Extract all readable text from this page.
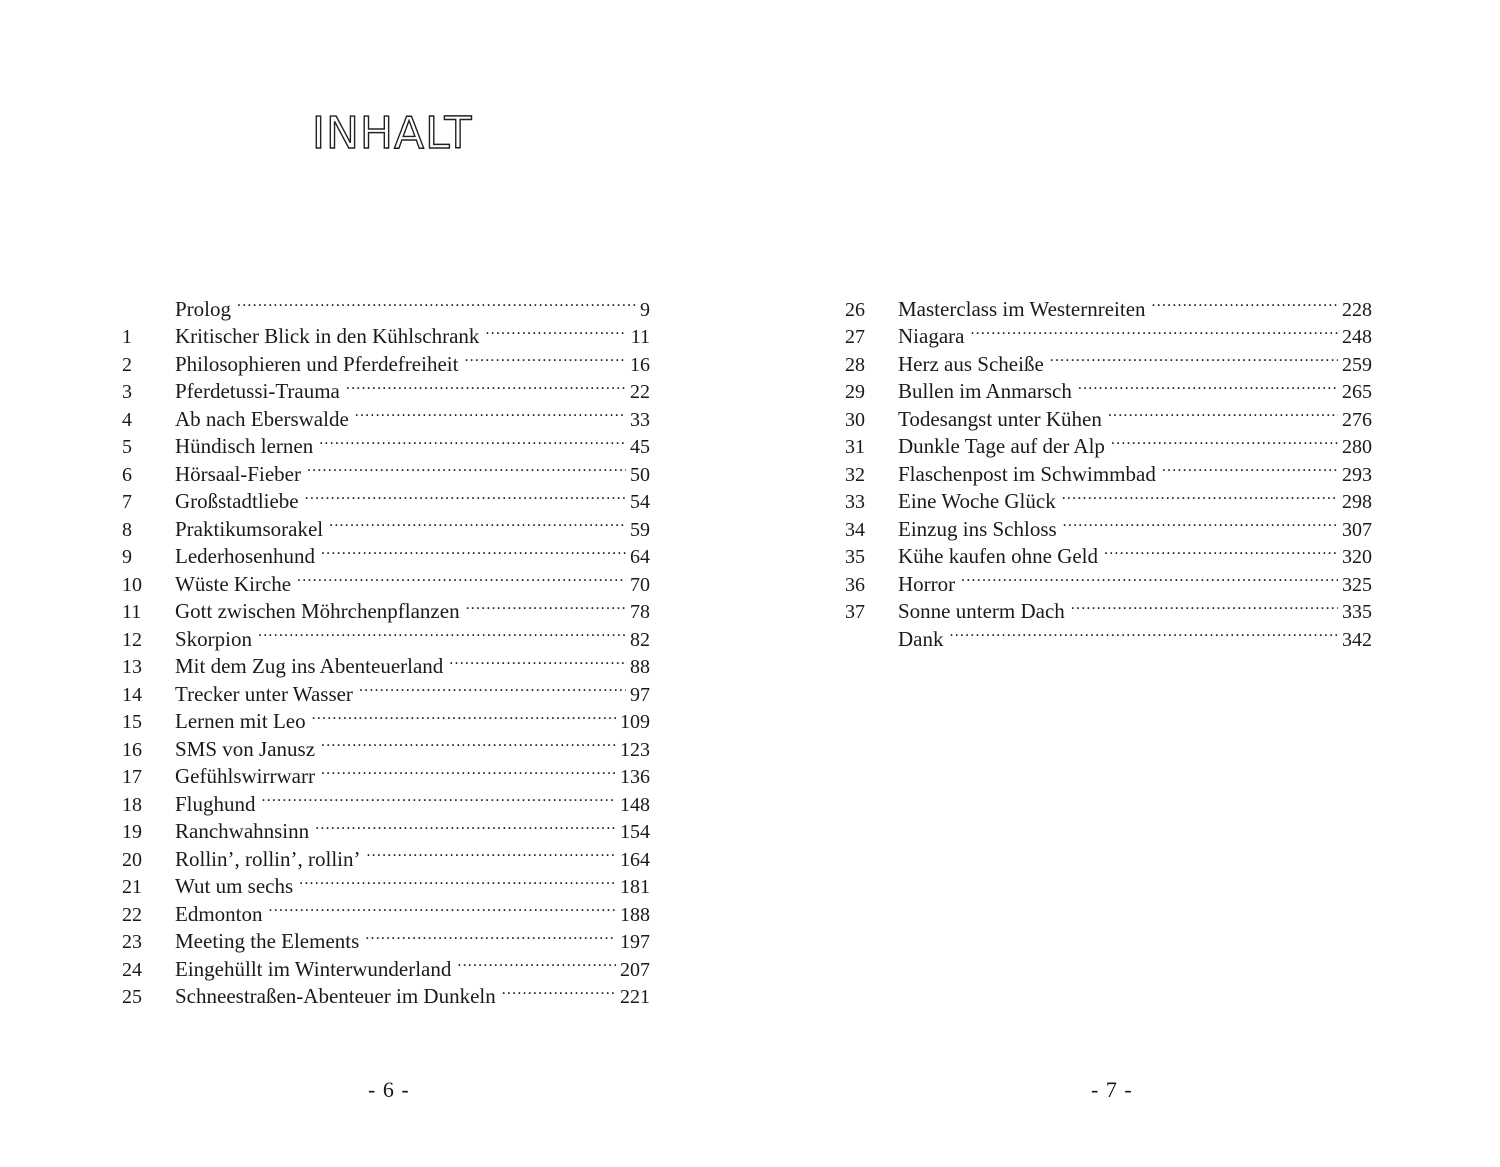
INHALT
Prolog .....	9
1	Kritischer Blick in den Kühlschrank .....	11
2	Philosophieren und Pferdefreiheit .....	16
3	Pferdetussi-Trauma .....	22
4	Ab nach Eberswalde .....	33
5	Hündisch lernen .....	45
6	Hörsaal-Fieber .....	50
7	Großstadtliebe .....	54
8	Praktikumsorakel .....	59
9	Lederhosenhund .....	64
10	Wüste Kirche .....	70
11	Gott zwischen Möhrchenpflanzen .....	78
12	Skorpion .....	82
13	Mit dem Zug ins Abenteuerland .....	88
14	Trecker unter Wasser .....	97
15	Lernen mit Leo .....	109
16	SMS von Janusz .....	123
17	Gefühlswirrwarr .....	136
18	Flughund .....	148
19	Ranchwahnsinn .....	154
20	Rollin’, rollin’, rollin’ .....	164
21	Wut um sechs .....	181
22	Edmonton .....	188
23	Meeting the Elements .....	197
24	Eingehüllt im Winterwunderland .....	207
25	Schneestraßen-Abenteuer im Dunkeln .....	221
26	Masterclass im Westernreiten .....	228
27	Niagara .....	248
28	Herz aus Scheiße .....	259
29	Bullen im Anmarsch .....	265
30	Todesangst unter Kühen .....	276
31	Dunkle Tage auf der Alp .....	280
32	Flaschenpost im Schwimmbad .....	293
33	Eine Woche Glück .....	298
34	Einzug ins Schloss .....	307
35	Kühe kaufen ohne Geld .....	320
36	Horror .....	325
37	Sonne unterm Dach .....	335
Dank .....	342
- 6 -	- 7 -
